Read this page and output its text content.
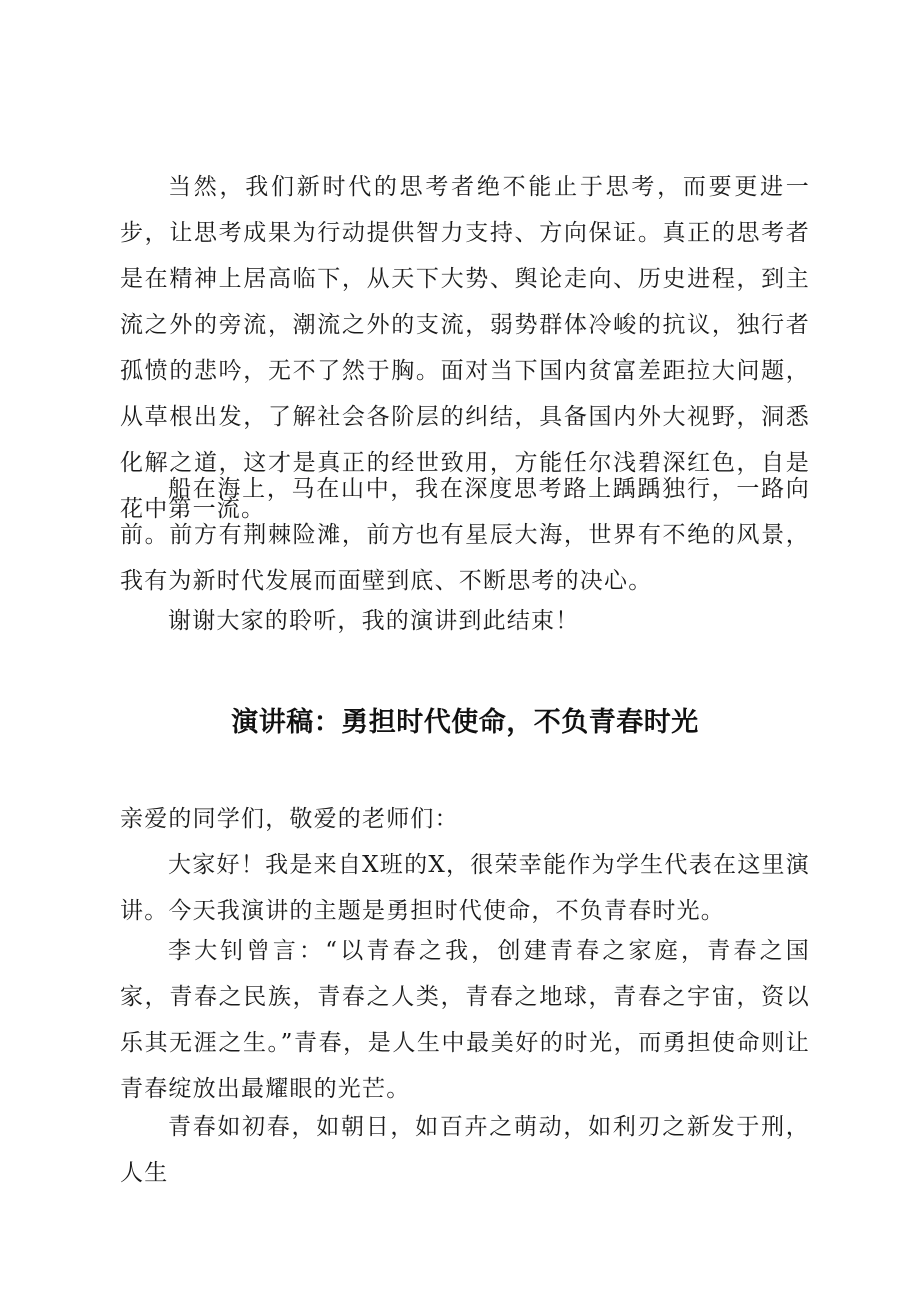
当然，我们新时代的思考者绝不能止于思考，而要更进一步，让思考成果为行动提供智力支持、方向保证。真正的思考者是在精神上居高临下，从天下大势、舆论走向、历史进程，到主流之外的旁流，潮流之外的支流，弱势群体冷峻的抗议，独行者孤愤的悲吟，无不了然于胸。面对当下国内贫富差距拉大问题，从草根出发，了解社会各阶层的纠结，具备国内外大视野，洞悉化解之道，这才是真正的经世致用，方能任尔浅碧深红色，自是花中第一流。

船在海上，马在山中，我在深度思考路上踽踽独行，一路向前。前方有荆棘险滩，前方也有星辰大海，世界有不绝的风景，我有为新时代发展而面壁到底、不断思考的决心。

谢谢大家的聆听，我的演讲到此结束！

演讲稿：勇担时代使命，不负青春时光

亲爱的同学们，敬爱的老师们：

大家好！我是来自X班的X，很荣幸能作为学生代表在这里演讲。今天我演讲的主题是勇担时代使命，不负青春时光。

李大钊曾言：“以青春之我，创建青春之家庭，青春之国家，青春之民族，青春之人类，青春之地球，青春之宇宙，资以乐其无涯之生。”青春，是人生中最美好的时光，而勇担使命则让青春绽放出最耀眼的光芒。

青春如初春，如朝日，如百卉之萌动，如利刃之新发于刑，人生
